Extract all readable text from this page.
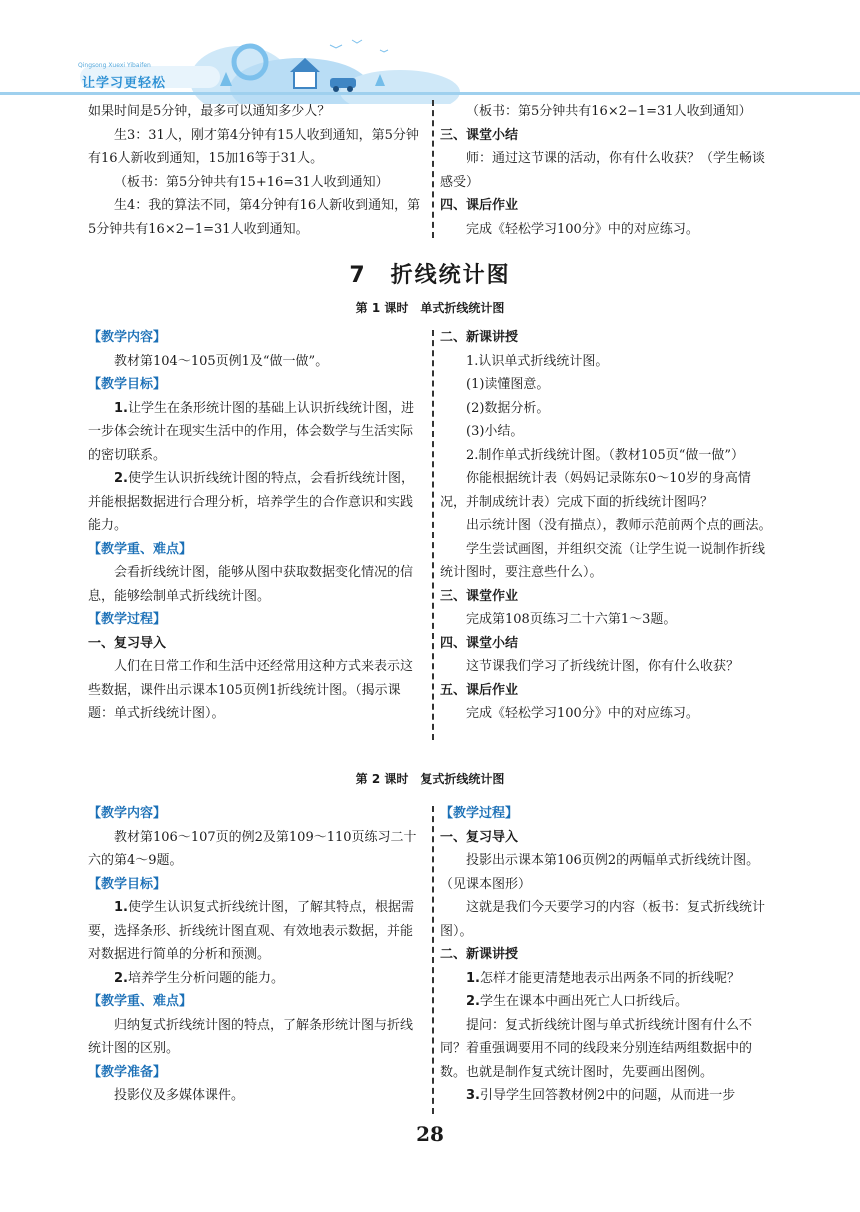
Qingsong Xuexi Yibaifen
让学习更轻松

如果时间是5分钟，最多可以通知多少人？

生3：31人，刚才第4分钟有15人收到通知，第5分钟有16人新收到通知，15加16等于31人。

（板书：第5分钟共有15+16=31人收到通知）

生4：我的算法不同，第4分钟有16人新收到通知，第5分钟共有16×2−1=31人收到通知。

（板书：第5分钟共有16×2−1=31人收到通知）

三、课堂小结

师：通过这节课的活动，你有什么收获？（学生畅谈感受）

四、课后作业

完成《轻松学习100分》中的对应练习。

7　折线统计图
第 1 课时　单式折线统计图

【教学内容】

教材第104～105页例1及“做一做”。

【教学目标】

1.让学生在条形统计图的基础上认识折线统计图，进一步体会统计在现实生活中的作用，体会数学与生活实际的密切联系。

2.使学生认识折线统计图的特点，会看折线统计图，并能根据数据进行合理分析，培养学生的合作意识和实践能力。

【教学重、难点】

会看折线统计图，能够从图中获取数据变化情况的信息，能够绘制单式折线统计图。

【教学过程】

一、复习导入

人们在日常工作和生活中还经常用这种方式来表示这些数据，课件出示课本105页例1折线统计图。（揭示课题：单式折线统计图）。

二、新课讲授

1.认识单式折线统计图。

(1)读懂图意。

(2)数据分析。

(3)小结。

2.制作单式折线统计图。（教材105页“做一做”）

你能根据统计表（妈妈记录陈东0～10岁的身高情况，并制成统计表）完成下面的折线统计图吗？

出示统计图（没有描点），教师示范前两个点的画法。

学生尝试画图，并组织交流（让学生说一说制作折线统计图时，要注意些什么）。

三、课堂作业

完成第108页练习二十六第1～3题。

四、课堂小结

这节课我们学习了折线统计图，你有什么收获？

五、课后作业

完成《轻松学习100分》中的对应练习。

第 2 课时　复式折线统计图

【教学内容】

教材第106～107页的例2及第109～110页练习二十六的第4～9题。

【教学目标】

1.使学生认识复式折线统计图，了解其特点，根据需要，选择条形、折线统计图直观、有效地表示数据，并能对数据进行简单的分析和预测。

2.培养学生分析问题的能力。

【教学重、难点】

归纳复式折线统计图的特点，了解条形统计图与折线统计图的区别。

【教学准备】

投影仪及多媒体课件。

【教学过程】

一、复习导入

投影出示课本第106页例2的两幅单式折线统计图。（见课本图形）

这就是我们今天要学习的内容（板书：复式折线统计图）。

二、新课讲授

1.怎样才能更清楚地表示出两条不同的折线呢？

2.学生在课本中画出死亡人口折线后。

提问：复式折线统计图与单式折线统计图有什么不同？着重强调要用不同的线段来分别连结两组数据中的数。也就是制作复式统计图时，先要画出图例。

3.引导学生回答教材例2中的问题，从而进一步

28
